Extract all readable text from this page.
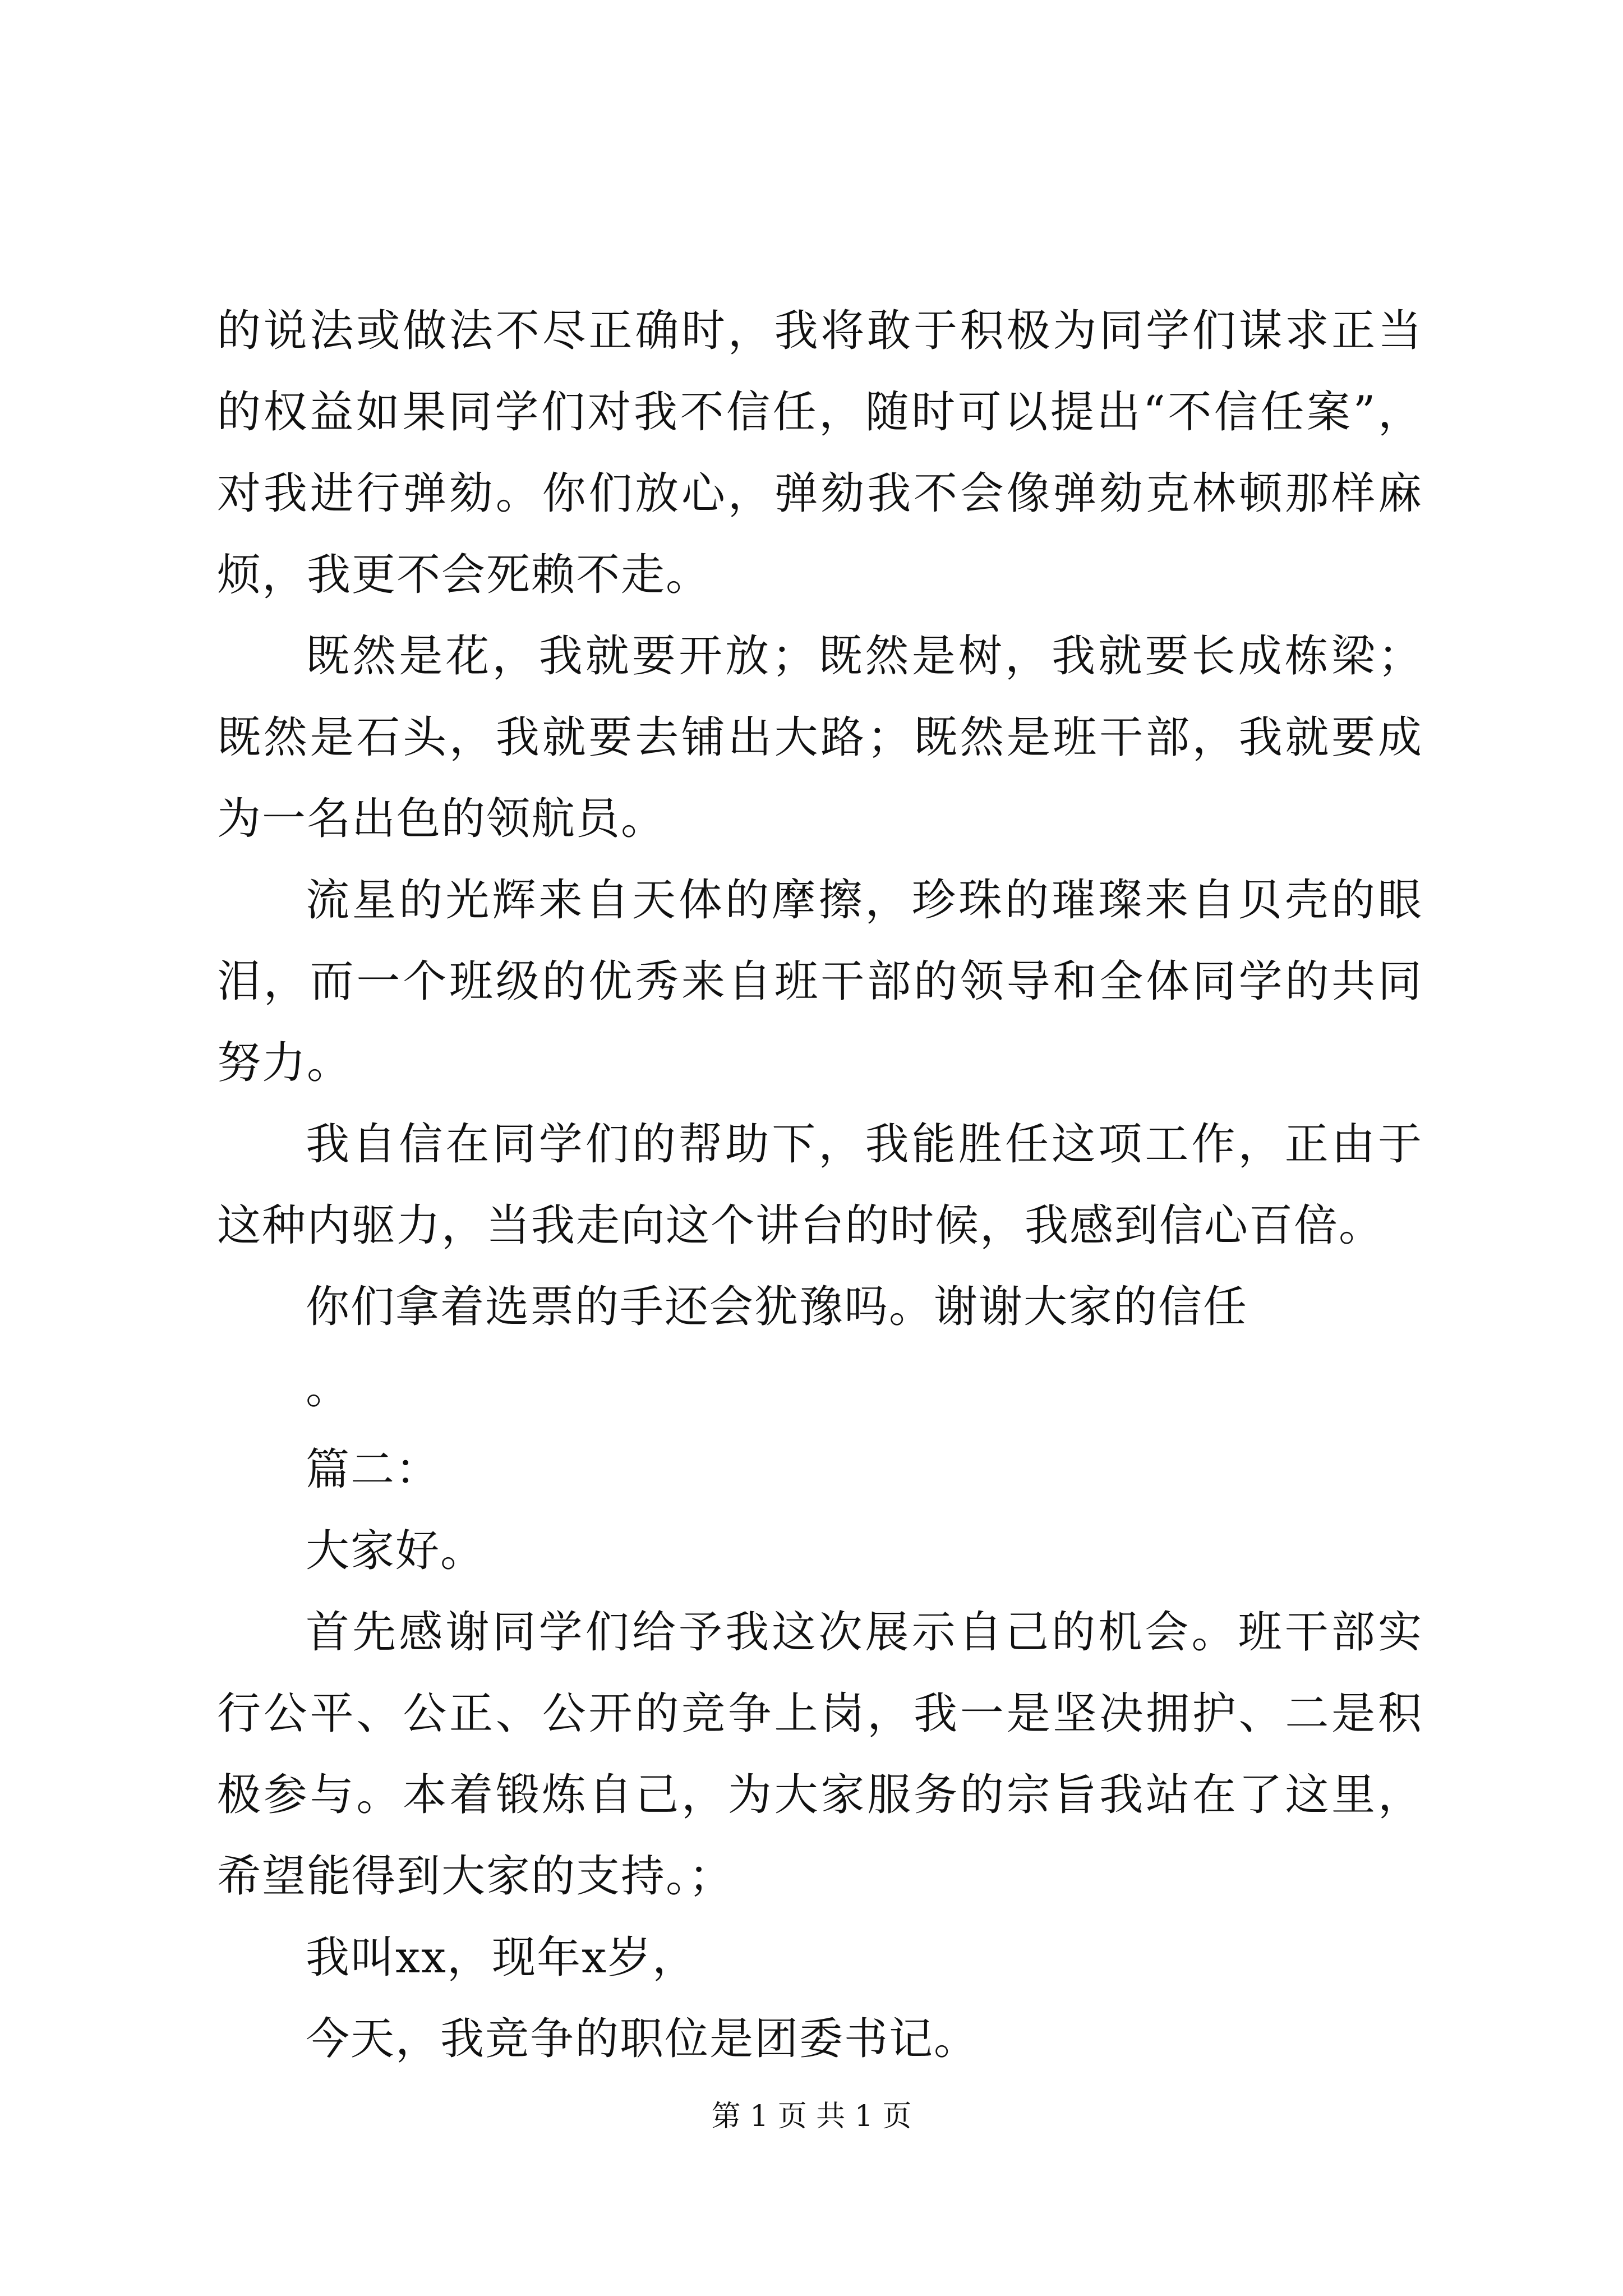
的说法或做法不尽正确时，我将敢于积极为同学们谋求正当的权益如果同学们对我不信任，随时可以提出“不信任案”，对我进行弹劾。你们放心，弹劾我不会像弹劾克林顿那样麻烦，我更不会死赖不走。

既然是花，我就要开放；既然是树，我就要长成栋梁；既然是石头，我就要去铺出大路；既然是班干部，我就要成为一名出色的领航员。

流星的光辉来自天体的摩擦，珍珠的璀璨来自贝壳的眼泪，而一个班级的优秀来自班干部的领导和全体同学的共同努力。

我自信在同学们的帮助下，我能胜任这项工作，正由于这种内驱力，当我走向这个讲台的时候，我感到信心百倍。

你们拿着选票的手还会犹豫吗。谢谢大家的信任

。

篇二：

大家好。

首先感谢同学们给予我这次展示自己的机会。班干部实行公平、公正、公开的竞争上岗，我一是坚决拥护、二是积极参与。本着锻炼自己，为大家服务的宗旨我站在了这里，希望能得到大家的支持。；

我叫xx，现年x岁，

今天，我竞争的职位是团委书记。

第 1 页 共 1 页
